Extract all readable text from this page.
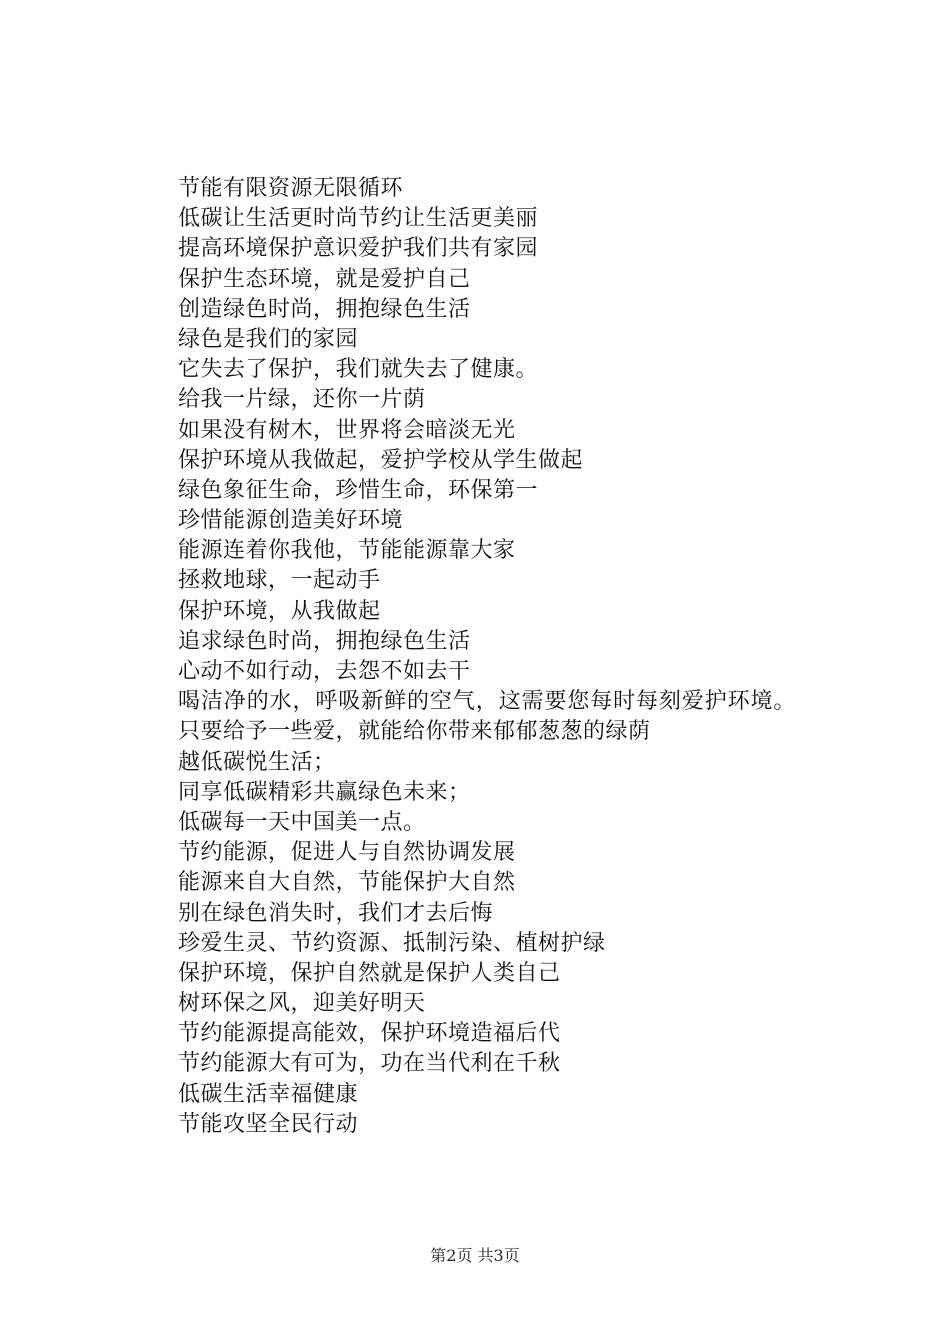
节能有限资源无限循环
低碳让生活更时尚节约让生活更美丽
提高环境保护意识爱护我们共有家园
保护生态环境，就是爱护自己
创造绿色时尚，拥抱绿色生活
绿色是我们的家园
它失去了保护，我们就失去了健康。
给我一片绿，还你一片荫
如果没有树木，世界将会暗淡无光
保护环境从我做起，爱护学校从学生做起
绿色象征生命，珍惜生命，环保第一
珍惜能源创造美好环境
能源连着你我他，节能能源靠大家
拯救地球，一起动手
保护环境，从我做起
追求绿色时尚，拥抱绿色生活
心动不如行动，去怨不如去干
喝洁净的水，呼吸新鲜的空气，这需要您每时每刻爱护环境。
只要给予一些爱，就能给你带来郁郁葱葱的绿荫
越低碳悦生活；
同享低碳精彩共赢绿色未来；
低碳每一天中国美一点。
节约能源，促进人与自然协调发展
能源来自大自然，节能保护大自然
别在绿色消失时，我们才去后悔
珍爱生灵、节约资源、抵制污染、植树护绿
保护环境，保护自然就是保护人类自己
树环保之风，迎美好明天
节约能源提高能效，保护环境造福后代
节约能源大有可为，功在当代利在千秋
低碳生活幸福健康
节能攻坚全民行动
第2页 共3页
